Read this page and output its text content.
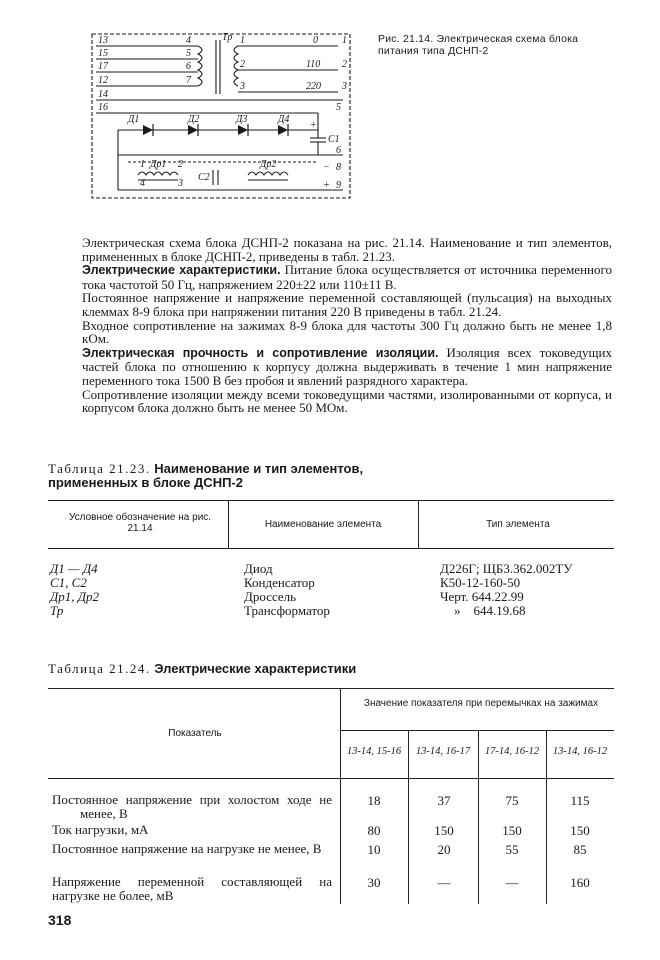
13
15
17
12
14
16
4
5
6
7
Тр 1
2
3
0
110
220
1
2
3
5
6
8
9
Д1	Д2	Д3	Д4
С1
С2
Др1	Др2
1	2
4	3
+
−
+
Рис. 21.14. Электрическая схема блока питания типа ДСНП-2

Электрическая схема блока ДСНП-2 показана на рис. 21.14. Наименование и тип элементов, примененных в блоке ДСНП-2, приведены в табл. 21.23.

Электрические характеристики. Питание блока осуществляется от источника переменного тока частотой 50 Гц, напряжением 220±22 или 110±11 В.

Постоянное напряжение и напряжение переменной составляющей (пульсация) на выходных клеммах 8-9 блока при напряжении питания 220 В приведены в табл. 21.24.

Входное сопротивление на зажимах 8-9 блока для частоты 300 Гц должно быть не менее 1,8 кОм.

Электрическая прочность и сопротивление изоляции. Изоляция всех токоведущих частей блока по отношению к корпусу должна выдерживать в течение 1 мин напряжение переменного тока 1500 В без пробоя и явлений разрядного характера.

Сопротивление изоляции между всеми токоведущими частями, изолированными от корпуса, и корпусом блока должно быть не менее 50 МОм.

Таблица 21.23. Наименование и тип элементов,
примененных в блоке ДСНП-2
Условное обозначение на рис. 21.14	Наименование элемента	Тип элемента
Д1 — Д4	Диод	Д226Г; ЩБ3.362.002ТУ
С1, С2	Конденсатор	К50-12-160-50
Др1, Др2	Дроссель	Черт. 644.22.99
Тр	Трансформатор	»    644.19.68
Таблица 21.24. Электрические характеристики
Показатель
Значение показателя при перемычках на зажимах
13-14, 15-16	13-14, 16-17	17-14, 16-12	13-14, 16-12
Постоянное напряжение при холостом ходе не менее, В
18	37	75	115
Ток нагрузки, мА	80	150	150	150
Постоянное напряжение на нагрузке не менее, В	10	20	55	85
Напряжение переменной составляющей на нагрузке не более, мВ
30	—	—	160
318
